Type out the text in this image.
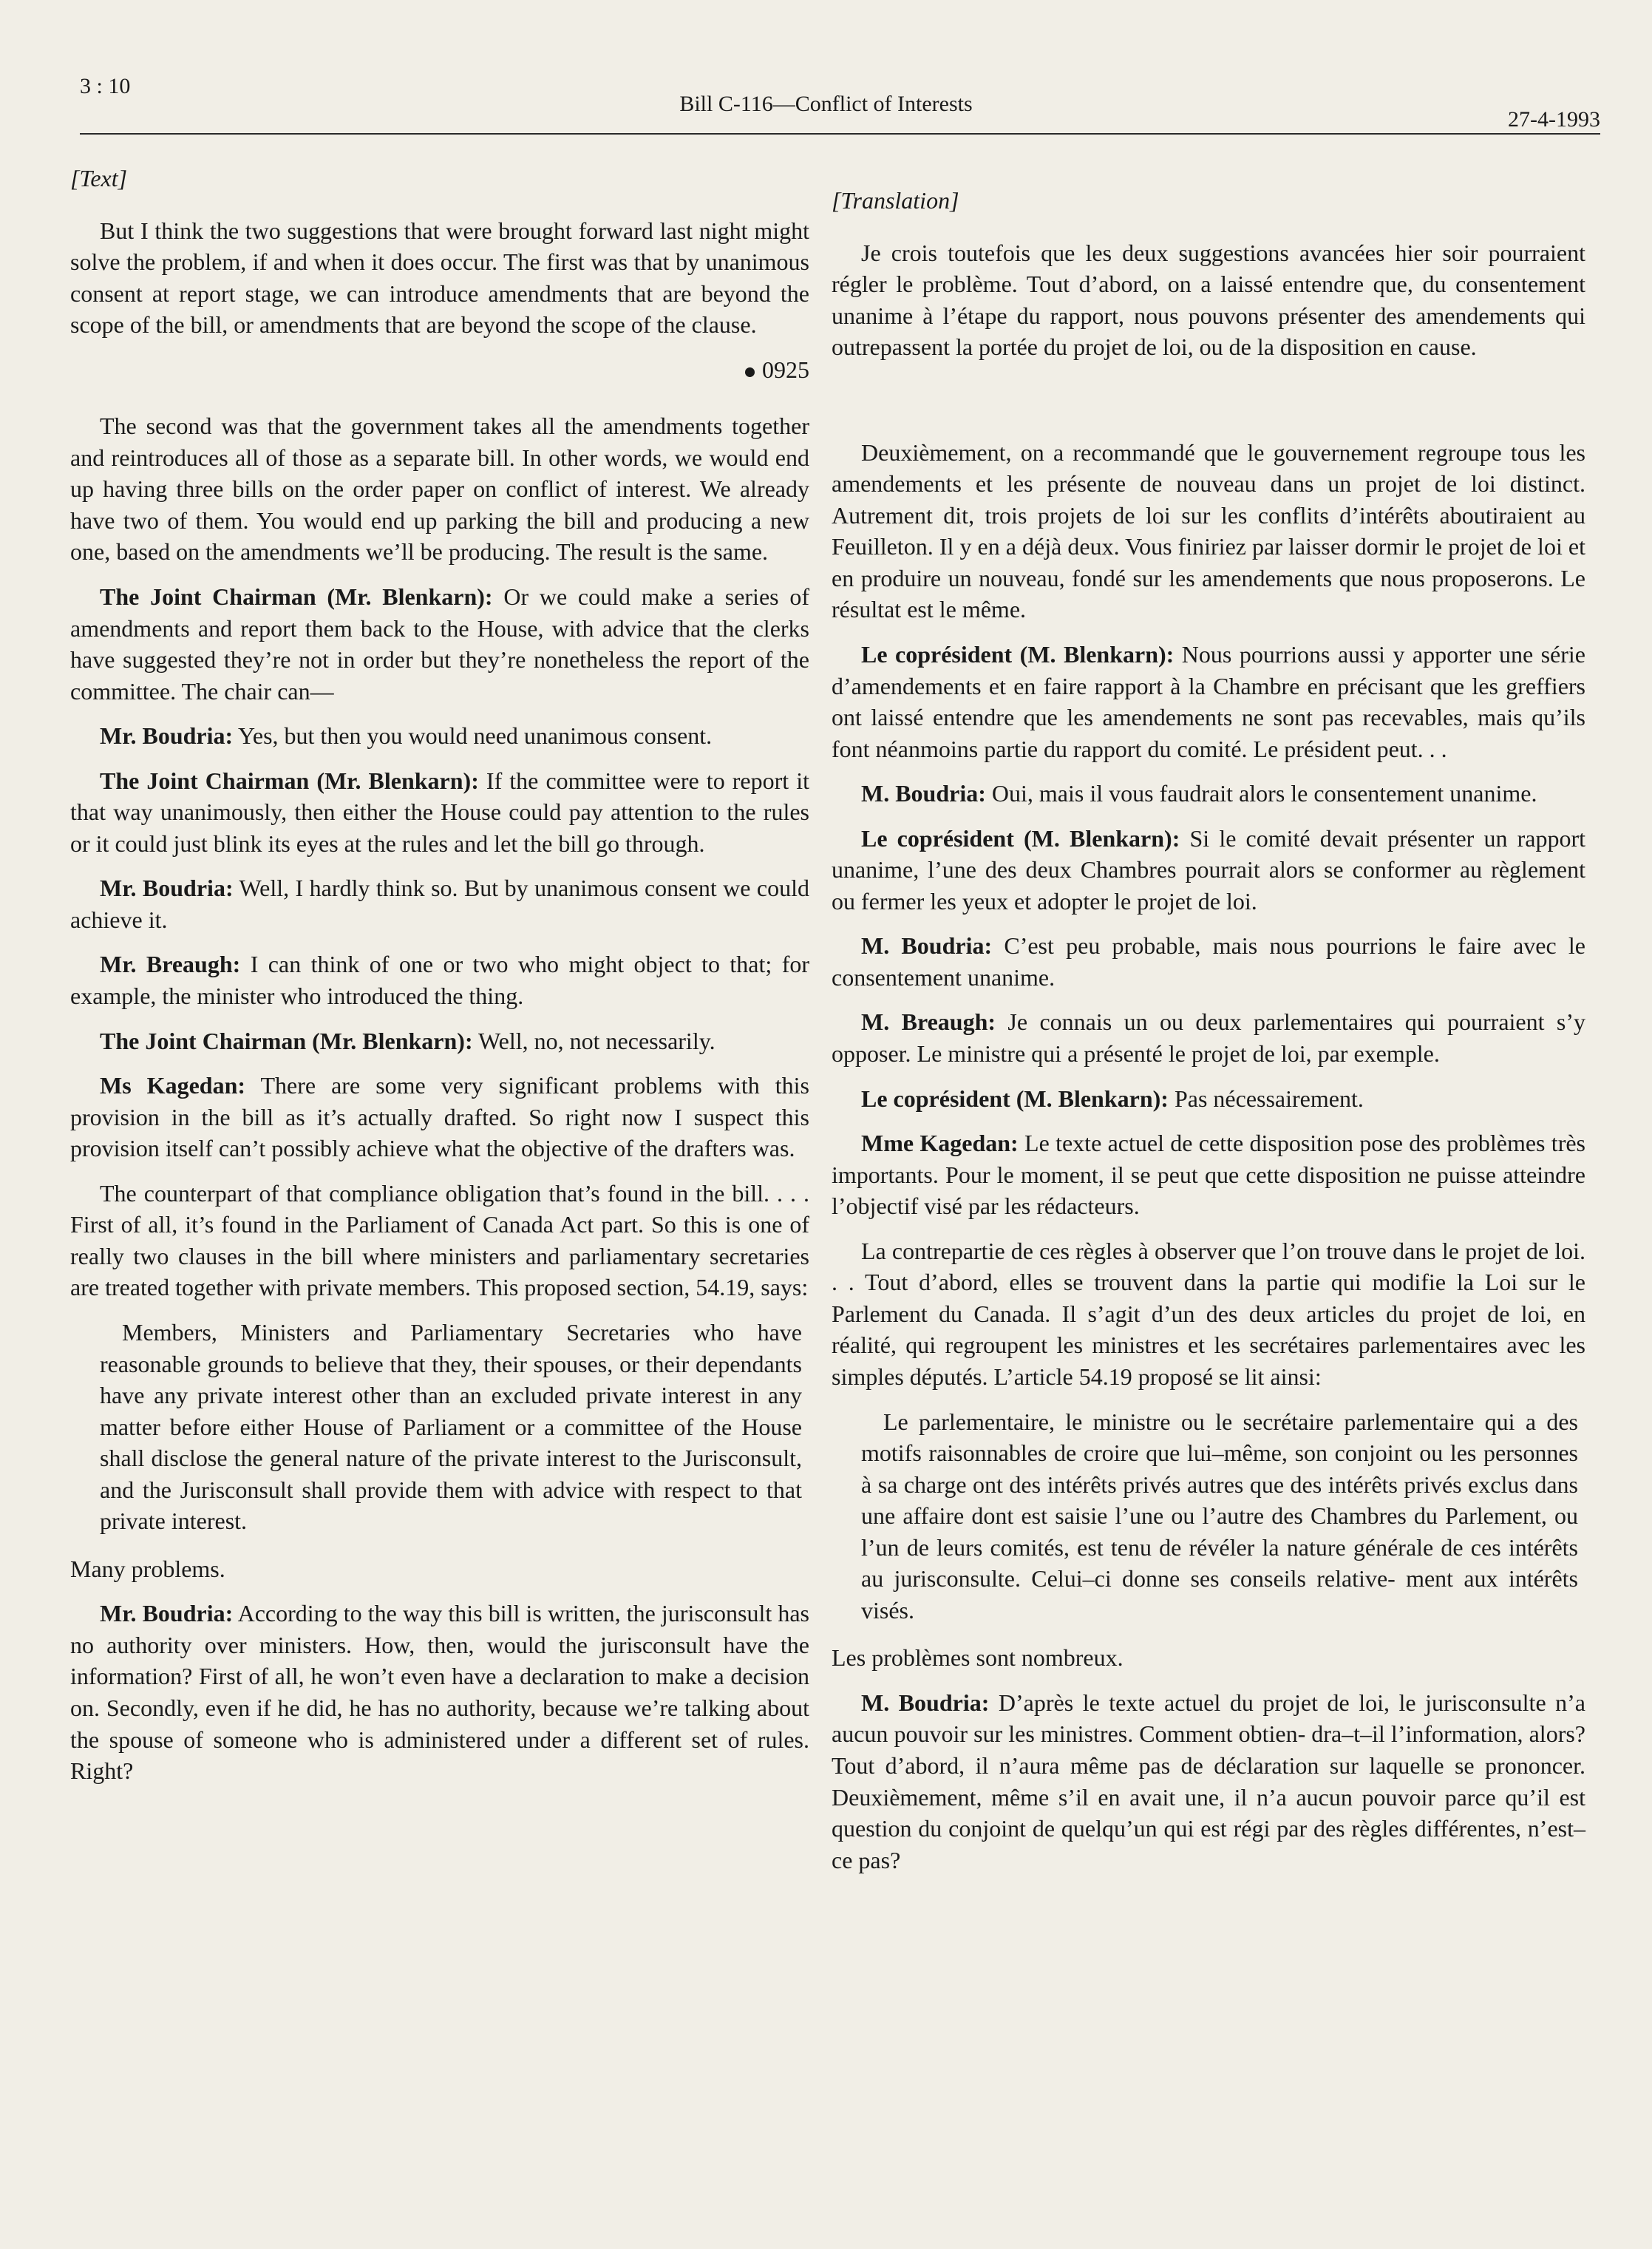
3 : 10
Bill C-116—Conflict of Interests
27-4-1993
[Text]

But I think the two suggestions that were brought forward last night might solve the problem, if and when it does occur. The first was that by unanimous consent at report stage, we can introduce amendments that are beyond the scope of the bill, or amendments that are beyond the scope of the clause.

0925

The second was that the government takes all the amendments together and reintroduces all of those as a separate bill. In other words, we would end up having three bills on the order paper on conflict of interest. We already have two of them. You would end up parking the bill and producing a new one, based on the amendments we’ll be producing. The result is the same.

The Joint Chairman (Mr. Blenkarn): Or we could make a series of amendments and report them back to the House, with advice that the clerks have suggested they’re not in order but they’re nonetheless the report of the committee. The chair can—

Mr. Boudria: Yes, but then you would need unanimous consent.

The Joint Chairman (Mr. Blenkarn): If the committee were to report it that way unanimously, then either the House could pay attention to the rules or it could just blink its eyes at the rules and let the bill go through.

Mr. Boudria: Well, I hardly think so. But by unanimous consent we could achieve it.

Mr. Breaugh: I can think of one or two who might object to that; for example, the minister who introduced the thing.

The Joint Chairman (Mr. Blenkarn): Well, no, not necessarily.

Ms Kagedan: There are some very significant problems with this provision in the bill as it’s actually drafted. So right now I suspect this provision itself can’t possibly achieve what the objective of the drafters was.

The counterpart of that compliance obligation that’s found in the bill. . . . First of all, it’s found in the Parliament of Canada Act part. So this is one of really two clauses in the bill where ministers and parliamentary secretaries are treated together with private members. This proposed section, 54.19, says:

Members, Ministers and Parliamentary Secretaries who have reasonable grounds to believe that they, their spouses, or their dependants have any private interest other than an excluded private interest in any matter before either House of Parliament or a committee of the House shall disclose the general nature of the private interest to the Jurisconsult, and the Jurisconsult shall provide them with advice with respect to that private interest.

Many problems.

Mr. Boudria: According to the way this bill is written, the jurisconsult has no authority over ministers. How, then, would the jurisconsult have the information? First of all, he won’t even have a declaration to make a decision on. Secondly, even if he did, he has no authority, because we’re talking about the spouse of someone who is administered under a different set of rules. Right?

[Translation]

Je crois toutefois que les deux suggestions avancées hier soir pourraient régler le problème. Tout d’abord, on a laissé entendre que, du consentement unanime à l’étape du rapport, nous pouvons présenter des amendements qui outrepassent la portée du projet de loi, ou de la disposition en cause.

Deuxièmement, on a recommandé que le gouvernement regroupe tous les amendements et les présente de nouveau dans un projet de loi distinct. Autrement dit, trois projets de loi sur les conflits d’intérêts aboutiraient au Feuilleton. Il y en a déjà deux. Vous finiriez par laisser dormir le projet de loi et en produire un nouveau, fondé sur les amendements que nous proposerons. Le résultat est le même.

Le coprésident (M. Blenkarn): Nous pourrions aussi y apporter une série d’amendements et en faire rapport à la Chambre en précisant que les greffiers ont laissé entendre que les amendements ne sont pas recevables, mais qu’ils font néanmoins partie du rapport du comité. Le président peut. . .

M. Boudria: Oui, mais il vous faudrait alors le consentement unanime.

Le coprésident (M. Blenkarn): Si le comité devait présenter un rapport unanime, l’une des deux Chambres pourrait alors se conformer au règlement ou fermer les yeux et adopter le projet de loi.

M. Boudria: C’est peu probable, mais nous pourrions le faire avec le consentement unanime.

M. Breaugh: Je connais un ou deux parlementaires qui pourraient s’y opposer. Le ministre qui a présenté le projet de loi, par exemple.

Le coprésident (M. Blenkarn): Pas nécessairement.

Mme Kagedan: Le texte actuel de cette disposition pose des problèmes très importants. Pour le moment, il se peut que cette disposition ne puisse atteindre l’objectif visé par les rédacteurs.

La contrepartie de ces règles à observer que l’on trouve dans le projet de loi. . . Tout d’abord, elles se trouvent dans la partie qui modifie la Loi sur le Parlement du Canada. Il s’agit d’un des deux articles du projet de loi, en réalité, qui regroupent les ministres et les secrétaires parlementaires avec les simples députés. L’article 54.19 proposé se lit ainsi:

Le parlementaire, le ministre ou le secrétaire parlementaire qui a des motifs raisonnables de croire que lui–même, son conjoint ou les personnes à sa charge ont des intérêts privés autres que des intérêts privés exclus dans une affaire dont est saisie l’une ou l’autre des Chambres du Parlement, ou l’un de leurs comités, est tenu de révéler la nature générale de ces intérêts au jurisconsulte. Celui–ci donne ses conseils relative- ment aux intérêts visés.

Les problèmes sont nombreux.

M. Boudria: D’après le texte actuel du projet de loi, le jurisconsulte n’a aucun pouvoir sur les ministres. Comment obtien- dra–t–il l’information, alors? Tout d’abord, il n’aura même pas de déclaration sur laquelle se prononcer. Deuxièmement, même s’il en avait une, il n’a aucun pouvoir parce qu’il est question du conjoint de quelqu’un qui est régi par des règles différentes, n’est–ce pas?
